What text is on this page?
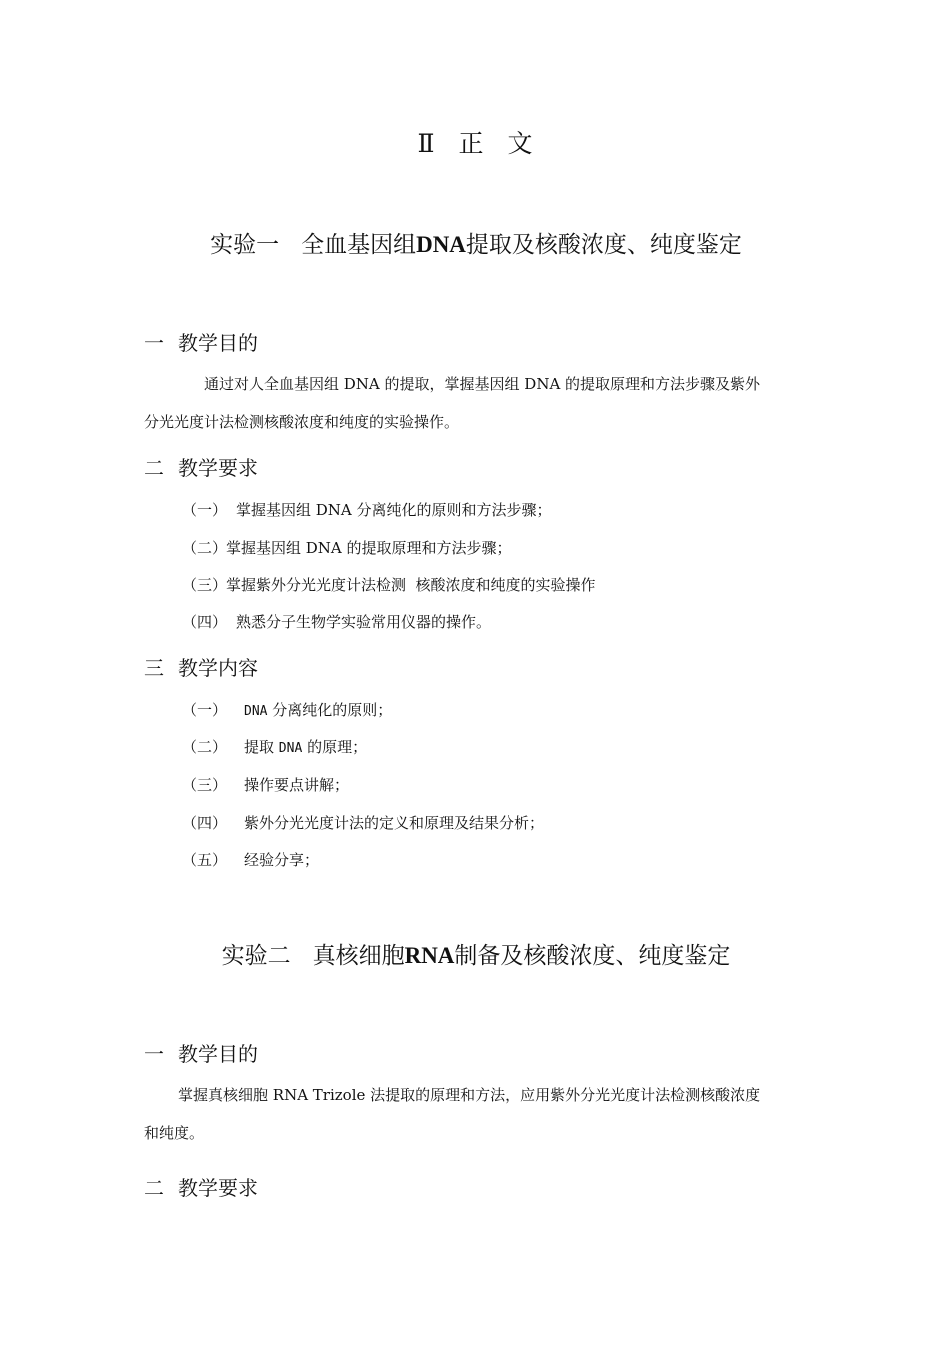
Ⅱ 正 文
实验一 全血基因组DNA提取及核酸浓度、纯度鉴定
一 教学目的
通过对人全血基因组 DNA 的提取，掌握基因组 DNA 的提取原理和方法步骤及紫外
分光光度计法检测核酸浓度和纯度的实验操作。
二 教学要求
（一） 掌握基因组 DNA 分离纯化的原则和方法步骤；
（二）掌握基因组 DNA 的提取原理和方法步骤；
（三）掌握紫外分光光度计法检测  核酸浓度和纯度的实验操作
（四） 熟悉分子生物学实验常用仪器的操作。
三 教学内容
（一） DNA 分离纯化的原则；
（二） 提取 DNA 的原理；
（三） 操作要点讲解；
（四） 紫外分光光度计法的定义和原理及结果分析；
（五） 经验分享；
实验二 真核细胞RNA制备及核酸浓度、纯度鉴定
一 教学目的
掌握真核细胞 RNA Trizole 法提取的原理和方法，应用紫外分光光度计法检测核酸浓度
和纯度。
二 教学要求
